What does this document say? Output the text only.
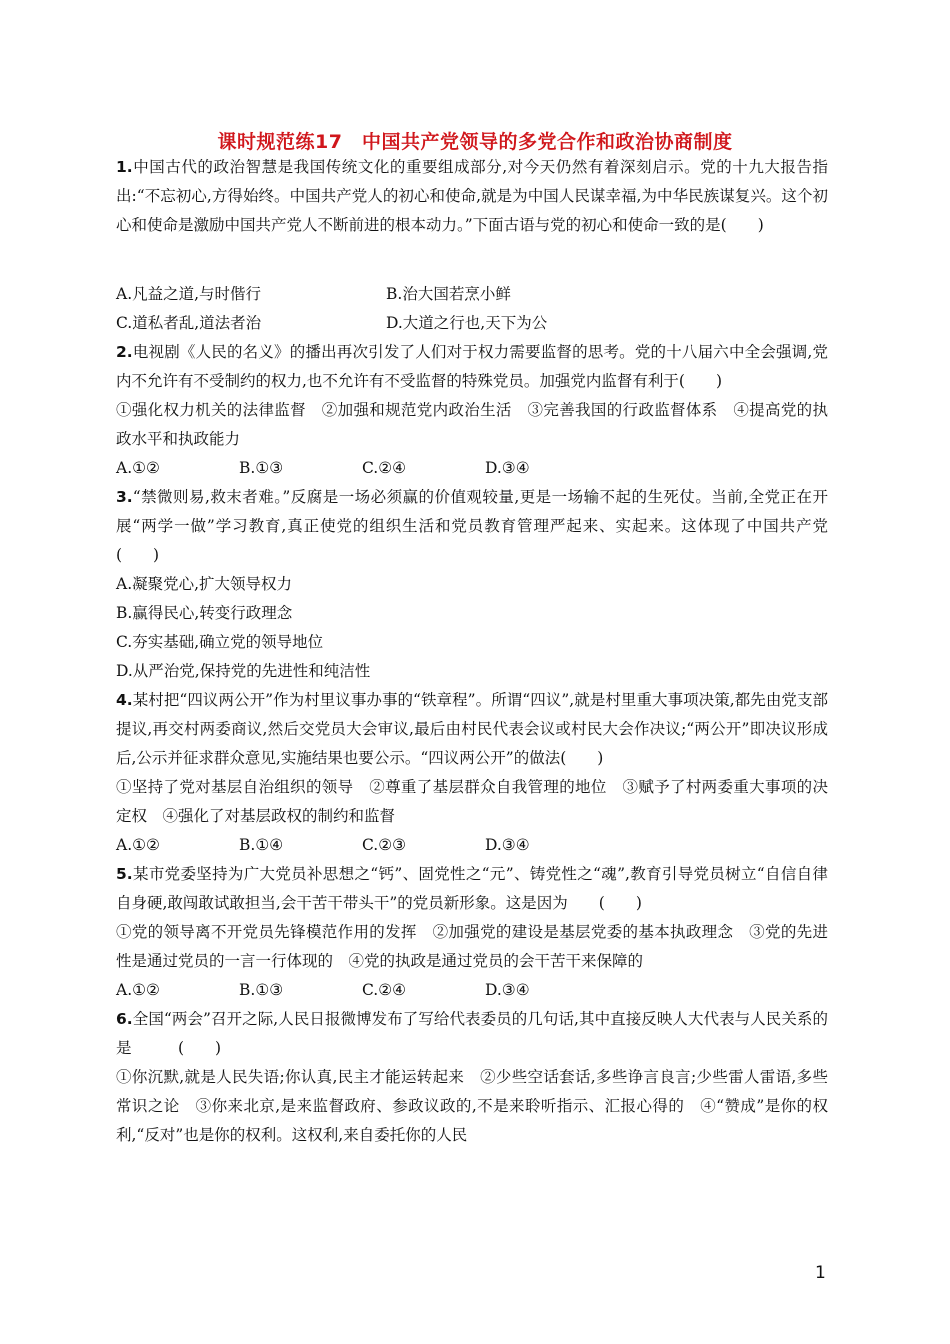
课时规范练17　中国共产党领导的多党合作和政治协商制度

1.中国古代的政治智慧是我国传统文化的重要组成部分,对今天仍然有着深刻启示。党的十九大报告指出:“不忘初心,方得始终。中国共产党人的初心和使命,就是为中国人民谋幸福,为中华民族谋复兴。这个初心和使命是激励中国共产党人不断前进的根本动力。”下面古语与党的初心和使命一致的是(　　)

A.凡益之道,与时偕行	B.治大国若烹小鲜
C.道私者乱,道法者治	D.大道之行也,天下为公

2.电视剧《人民的名义》的播出再次引发了人们对于权力需要监督的思考。党的十八届六中全会强调,党内不允许有不受制约的权力,也不允许有不受监督的特殊党员。加强党内监督有利于(　　)

①强化权力机关的法律监督　②加强和规范党内政治生活　③完善我国的行政监督体系　④提高党的执政水平和执政能力

A.①②	B.①③	C.②④	D.③④

3.“禁微则易,救末者难。”反腐是一场必须赢的价值观较量,更是一场输不起的生死仗。当前,全党正在开展“两学一做”学习教育,真正使党的组织生活和党员教育管理严起来、实起来。这体现了中国共产党(　　)

A.凝聚党心,扩大领导权力
B.赢得民心,转变行政理念
C.夯实基础,确立党的领导地位
D.从严治党,保持党的先进性和纯洁性

4.某村把“四议两公开”作为村里议事办事的“铁章程”。所谓“四议”,就是村里重大事项决策,都先由党支部提议,再交村两委商议,然后交党员大会审议,最后由村民代表会议或村民大会作决议;“两公开”即决议形成后,公示并征求群众意见,实施结果也要公示。“四议两公开”的做法(　　)

①坚持了党对基层自治组织的领导　②尊重了基层群众自我管理的地位　③赋予了村两委重大事项的决定权　④强化了对基层政权的制约和监督

A.①②	B.①④	C.②③	D.③④

5.某市党委坚持为广大党员补思想之“钙”、固党性之“元”、铸党性之“魂”,教育引导党员树立“自信自律自身硬,敢闯敢试敢担当,会干苦干带头干”的党员新形象。这是因为　　(　　)

①党的领导离不开党员先锋模范作用的发挥　②加强党的建设是基层党委的基本执政理念　③党的先进性是通过党员的一言一行体现的　④党的执政是通过党员的会干苦干来保障的

A.①②	B.①③	C.②④	D.③④

6.全国“两会”召开之际,人民日报微博发布了写给代表委员的几句话,其中直接反映人大代表与人民关系的是　　　(　　)

①你沉默,就是人民失语;你认真,民主才能运转起来　②少些空话套话,多些诤言良言;少些雷人雷语,多些常识之论　③你来北京,是来监督政府、参政议政的,不是来聆听指示、汇报心得的　④“赞成”是你的权利,“反对”也是你的权利。这权利,来自委托你的人民

1
